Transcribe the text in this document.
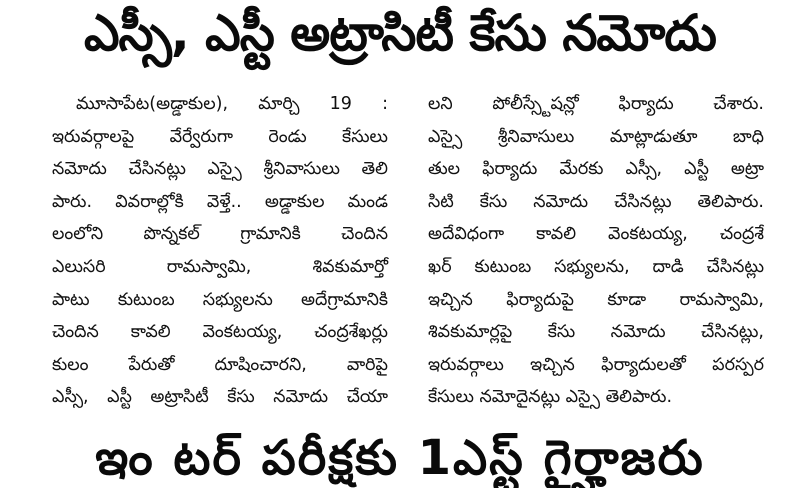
ఎస్సీ, ఎస్టీ అట్రాసిటీ కేసు నమోదు
మూసాపేట(అడ్డాకుల), మార్చి 19 :
ఇరువర్గాలపై వేర్వేరుగా రెండు కేసులు
నమోదు చేసినట్లు ఎస్సై శ్రీనివాసులు తెలి
పారు. వివరాల్లోకి వెళ్తే.. అడ్డాకుల మండ
లంలోని పొన్నకల్ గ్రామానికి చెందిన
ఎలుసరి రామస్వామి, శివకుమార్తో
పాటు కుటుంబ సభ్యులను అదేగ్రామానికి
చెందిన కావలి వెంకటయ్య, చంద్రశేఖర్లు
కులం పేరుతో దూషించారని, వారిపై
ఎస్సీ, ఎస్టీ అట్రాసిటీ కేసు నమోదు చేయా
లని పోలీస్స్టేషన్లో ఫిర్యాదు చేశారు.
ఎస్సై శ్రీనివాసులు మాట్లాడుతూ బాధి
తుల ఫిర్యాదు మేరకు ఎస్సీ, ఎస్టీ అట్రా
సిటి కేసు నమోదు చేసినట్లు తెలిపారు.
అదేవిధంగా కావలి వెంకటయ్య, చంద్రశే
ఖర్ కుటుంబ సభ్యులను, దాడి చేసినట్లు
ఇచ్చిన ఫిర్యాదుపై కూడా రామస్వామి,
శివకుమార్లపై కేసు నమోదు చేసినట్లు,
ఇరువర్గాలు ఇచ్చిన ఫిర్యాదులతో పరస్పర
కేసులు నమోదైనట్లు ఎస్సై తెలిపారు.
ఇం టర్ పరీక్షకు 1ఎస్ట్ గైర్హాజరు
